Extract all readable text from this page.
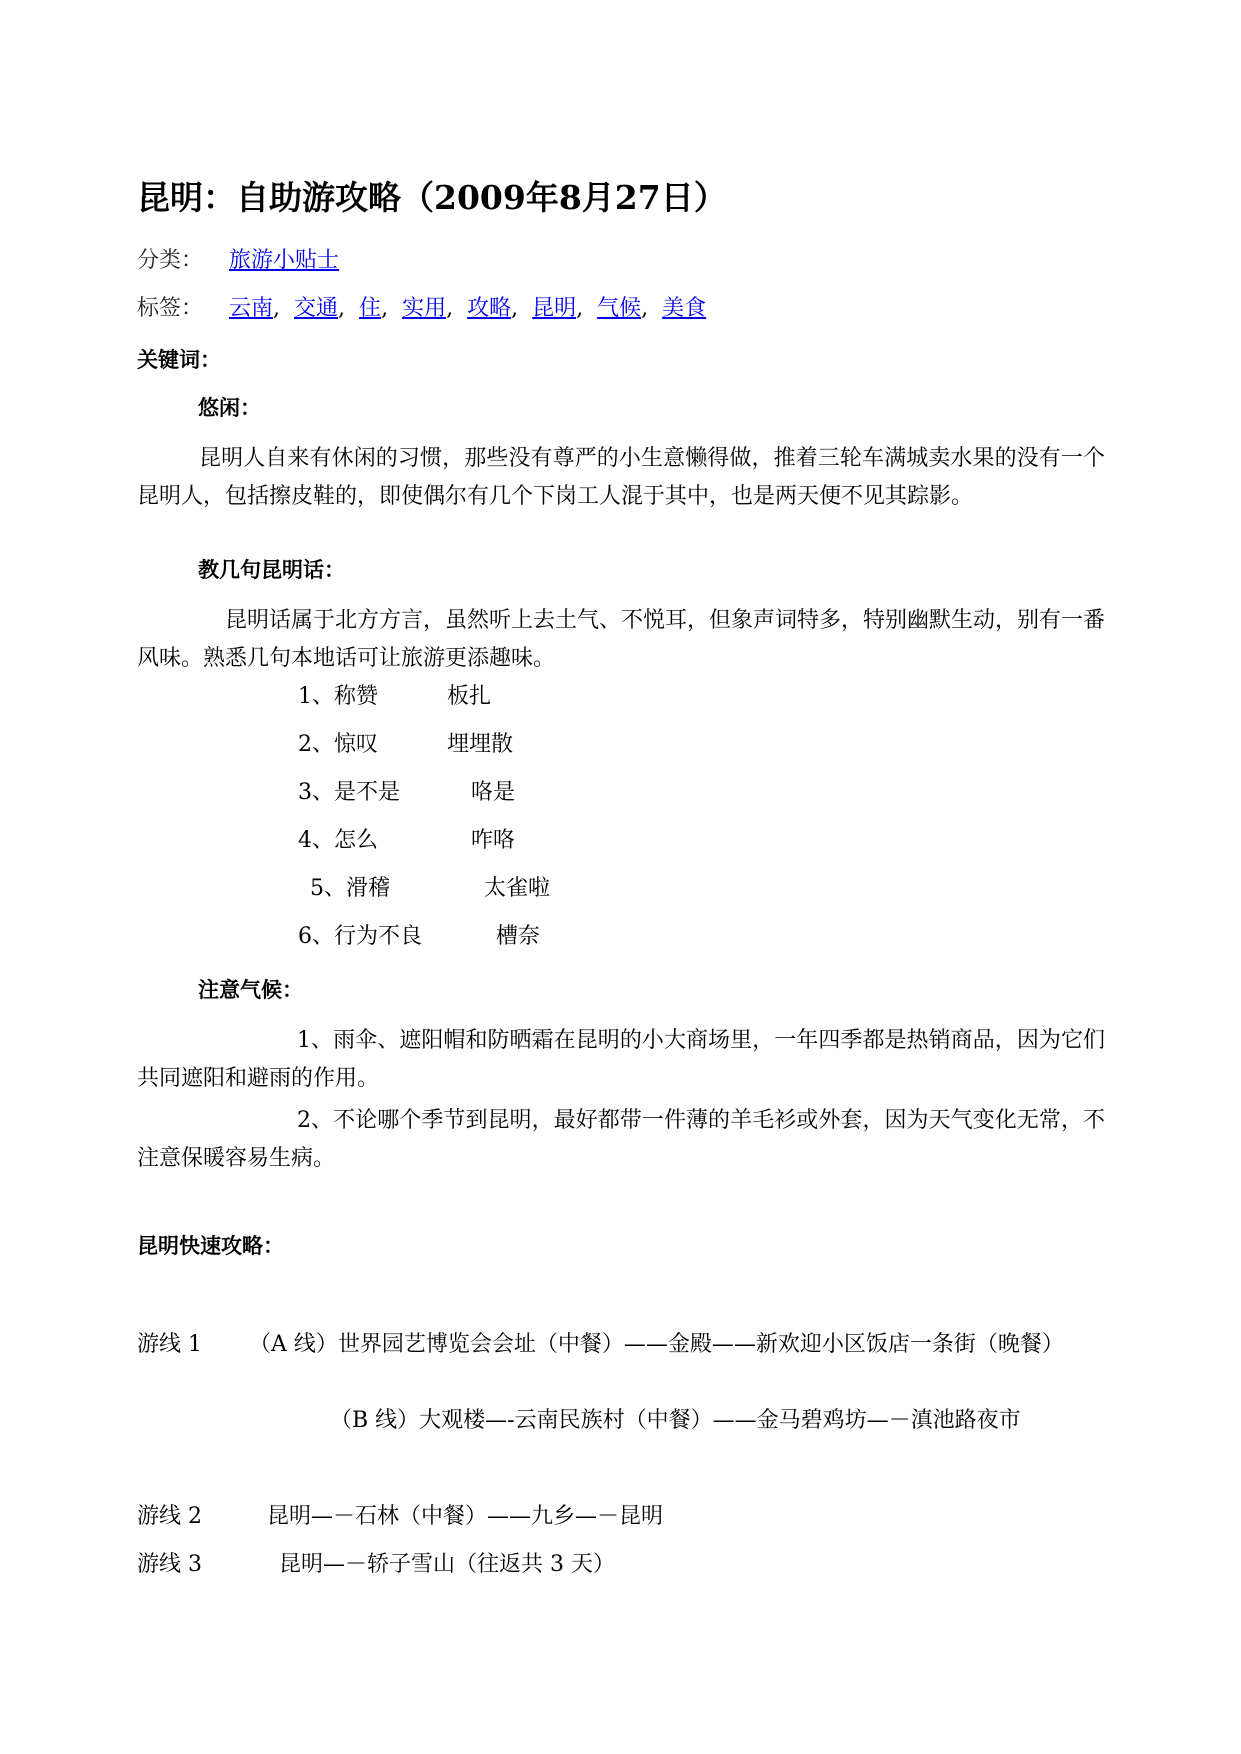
昆明：自助游攻略（2009年8月27日）
分类： 旅游小贴士
标签： 云南, 交通, 住, 实用, 攻略, 昆明, 气候, 美食
关键词：
悠闲：
昆明人自来有休闲的习惯，那些没有尊严的小生意懒得做，推着三轮车满城卖水果的没有一个昆明人，包括擦皮鞋的，即使偶尔有几个下岗工人混于其中，也是两天便不见其踪影。
教几句昆明话：
昆明话属于北方方言，虽然听上去土气、不悦耳，但象声词特多，特别幽默生动，别有一番风味。熟悉几句本地话可让旅游更添趣味。
1、称赞	板扎
2、惊叹	埋埋散
3、是不是	咯是
4、怎么	咋咯
5、滑稽	太雀啦
6、行为不良	槽奈
注意气候：
1、雨伞、遮阳帽和防晒霜在昆明的小大商场里，一年四季都是热销商品，因为它们共同遮阳和避雨的作用。
2、不论哪个季节到昆明，最好都带一件薄的羊毛衫或外套，因为天气变化无常，不注意保暖容易生病。
昆明快速攻略：
游线 1 （A 线）世界园艺博览会会址（中餐）——金殿——新欢迎小区饭店一条街（晚餐）
（B 线）大观楼—-云南民族村（中餐）——金马碧鸡坊—－滇池路夜市
游线 2	昆明—－石林（中餐）——九乡—－昆明
游线 3	昆明—－轿子雪山（往返共 3 天）
